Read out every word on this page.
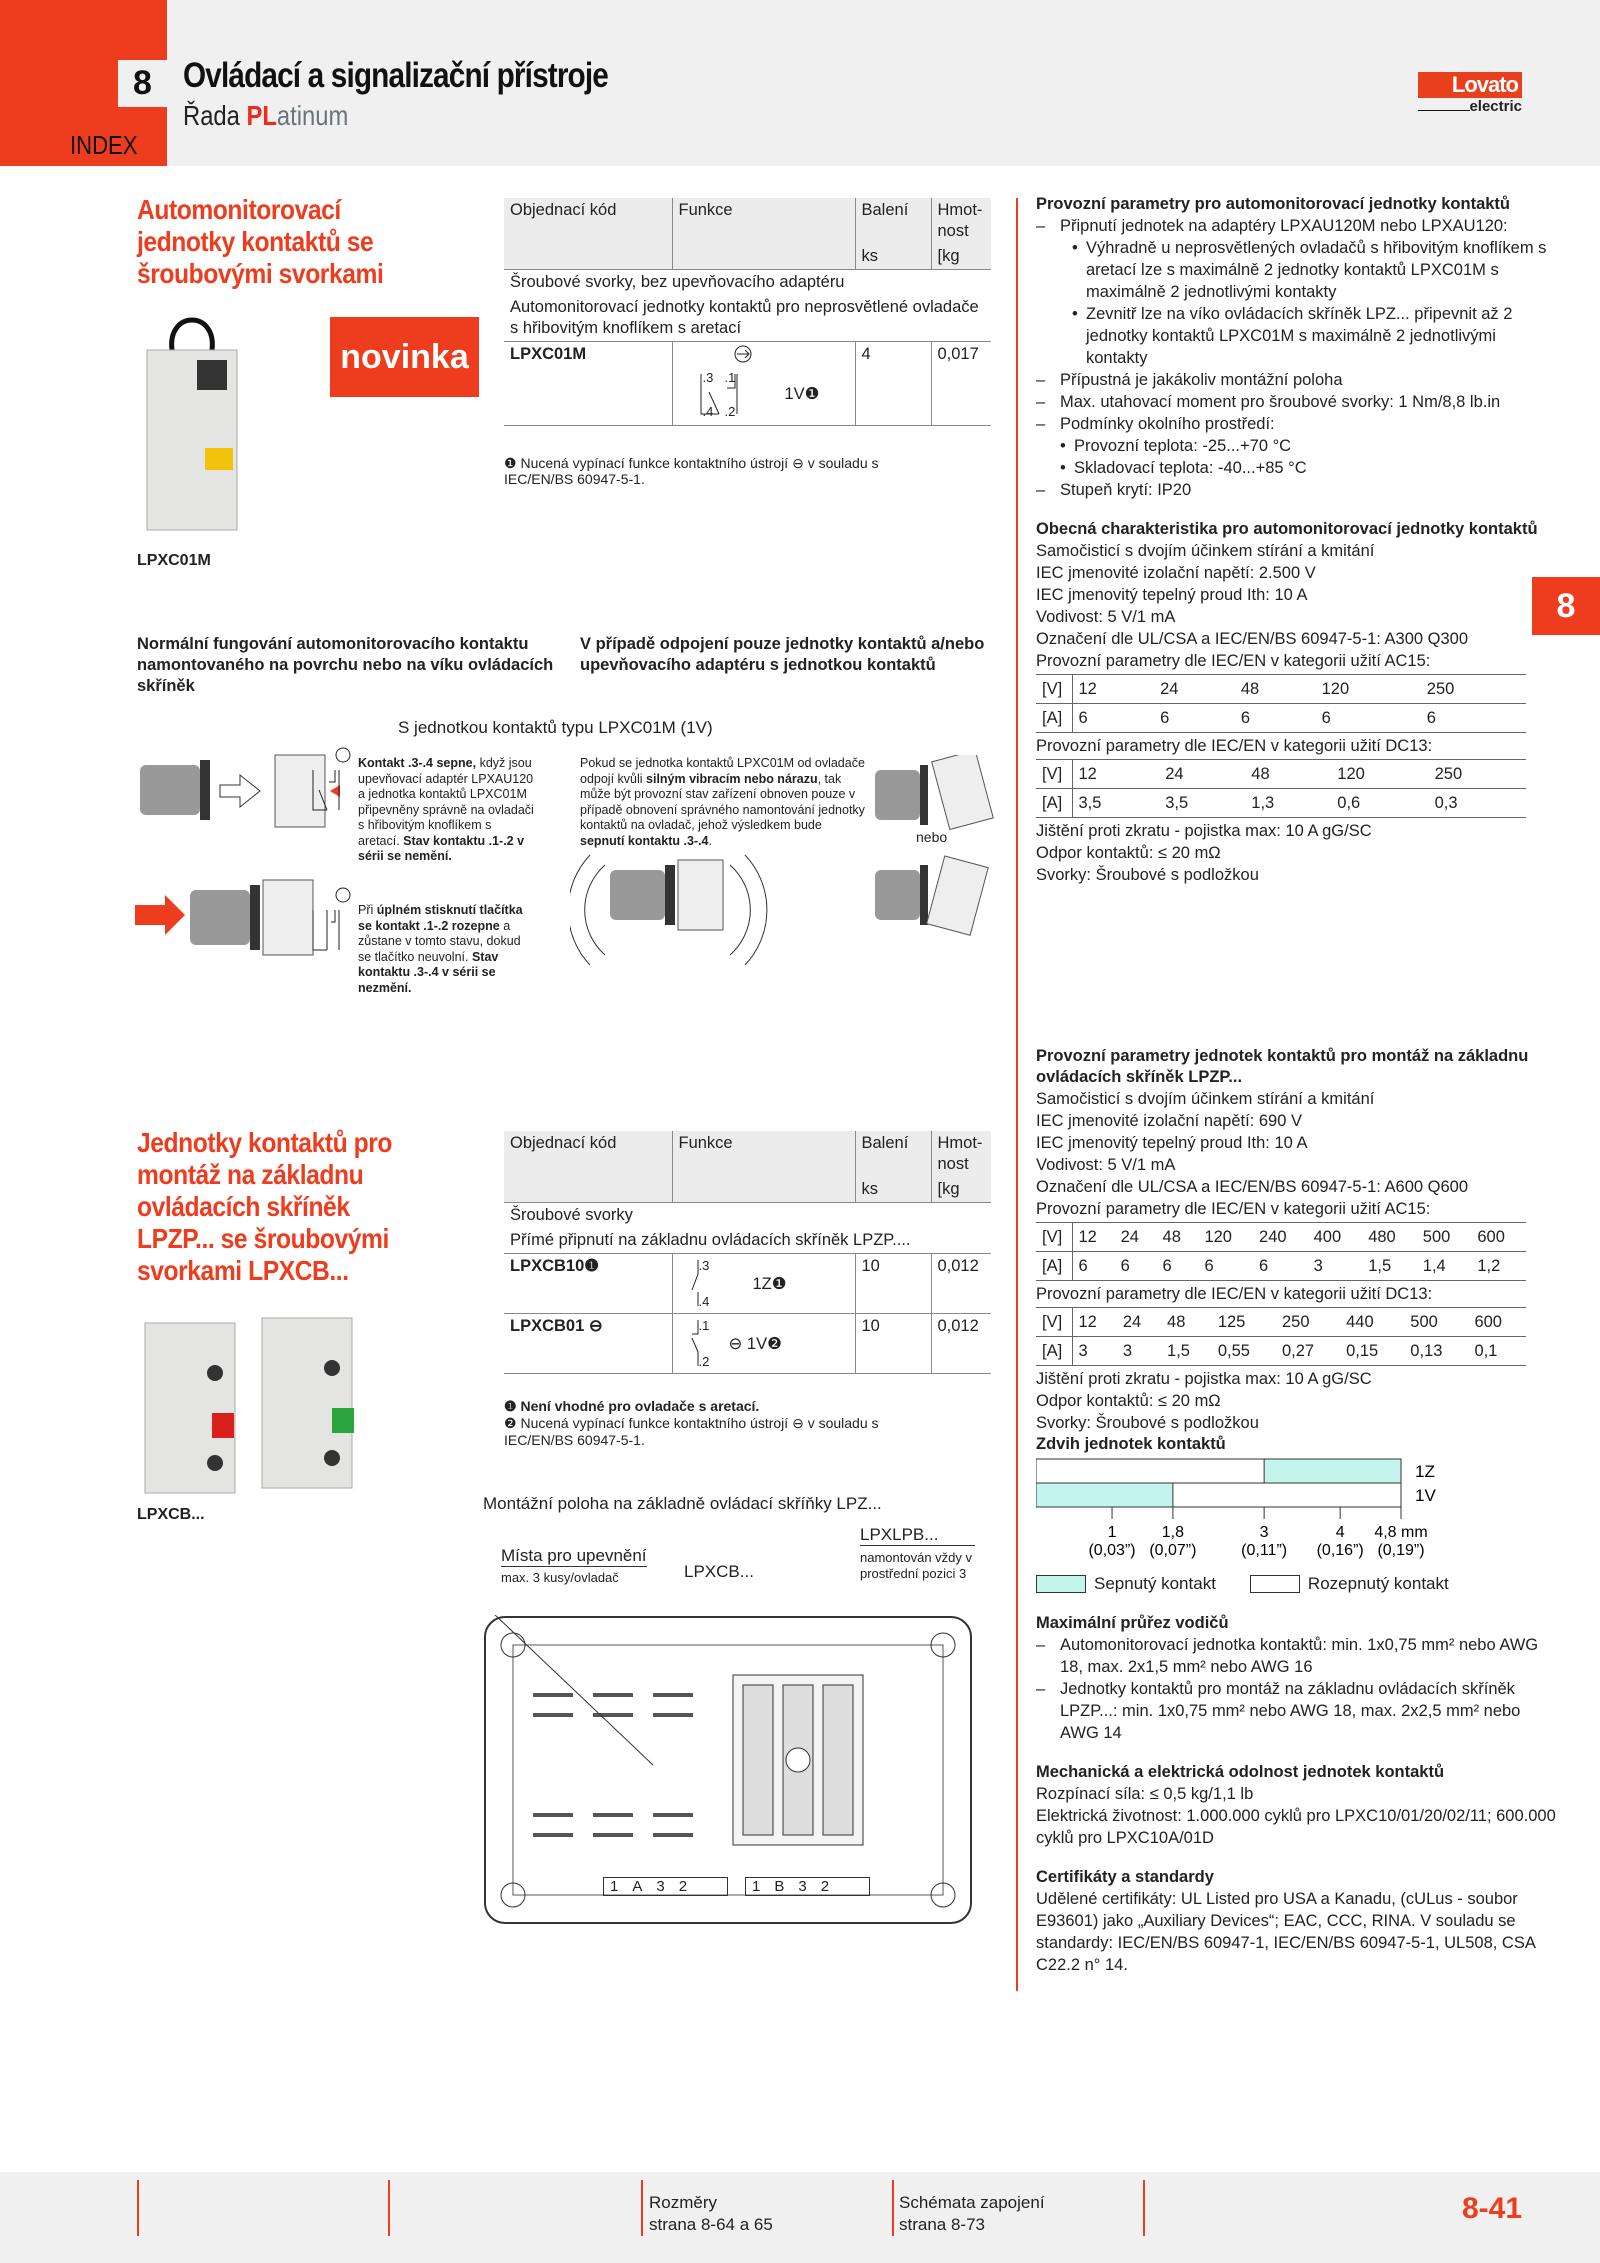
8 Ovládací a signalizační přístroje
Řada PLatinum
INDEX
Lovato
electric
8
Automonitorovací jednotky kontaktů se šroubovými svorkami
novinka
LPXC01M
Objednací kód	Funkce	Balení	Hmot-nost
		ks	[kg
Šroubové svorky, bez upevňovacího adaptéru			
Automonitorovací jednotky kontaktů pro neprosvětlené ovladače s hřibovitým knoflíkem s aretací			
LPXC01M	.3 .1
.4 .2
1V❶	4	0,017
❶ Nucená vypínací funkce kontaktního ústrojí ⊖ v souladu s IEC/EN/BS 60947-5-1.
Normální fungování automonitorovacího kontaktu namontovaného na povrchu nebo na víku ovládacích skříněk
V případě odpojení pouze jednotky kontaktů a/nebo upevňovacího adaptéru s jednotkou kontaktů
S jednotkou kontaktů typu LPXC01M (1V)
Kontakt .3-.4 sepne, když jsou upevňovací adaptér LPXAU120 a jednotka kontaktů LPXC01M připevněny správně na ovladači s hřibovitým knoflíkem s aretací. Stav kontaktu .1-.2 v sérii se nemění.
Při úplném stisknutí tlačítka se kontakt .1-.2 rozepne a zůstane v tomto stavu, dokud se tlačítko neuvolní. Stav kontaktu .3-.4 v sérii se nezmění.
Pokud se jednotka kontaktů LPXC01M od ovladače odpojí kvůli silným vibracím nebo nárazu, tak může být provozní stav zařízení obnoven pouze v případě obnovení správného namontování jednotky kontaktů na ovladač, jehož výsledkem bude sepnutí kontaktu .3-.4.	nebo
Jednotky kontaktů pro montáž na základnu ovládacích skříněk LPZP... se šroubovými svorkami LPXCB...
LPXCB...
Objednací kód	Funkce	Balení	Hmot-nost
		ks	[kg
Šroubové svorky			
Přímé připnutí na základnu ovládacích skříněk LPZP....			
LPXCB10❶	.3
.4
1Z❶	10	0,012
LPXCB01 ⊖	.1
.2
⊖ 1V❷	10	0,012
❶ Není vhodné pro ovladače s aretací.
❷ Nucená vypínací funkce kontaktního ústrojí ⊖ v souladu s IEC/EN/BS 60947-5-1.
Montážní poloha na základně ovládací skříňky LPZ...
Místa pro upevnění
max. 3 kusy/ovladač	LPXCB...
LPXLPB...
namontován vždy v prostřední pozici 3
1 A 3 2	1 B 3 2
Provozní parametry pro automonitorovací jednotky kontaktů
– Připnutí jednotek na adaptéry LPXAU120M nebo LPXAU120:
• Výhradně u neprosvětlených ovladačů s hřibovitým knoflíkem s aretací lze s maximálně 2 jednotky kontaktů LPXC01M s maximálně 2 jednotlivými kontakty
• Zevnitř lze na víko ovládacích skříněk LPZ... připevnit až 2 jednotky kontaktů LPXC01M s maximálně 2 jednotlivými kontakty
– Přípustná je jakákoliv montážní poloha
– Max. utahovací moment pro šroubové svorky: 1 Nm/8,8 lb.in
– Podmínky okolního prostředí:
• Provozní teplota: -25...+70 °C
• Skladovací teplota: -40...+85 °C
– Stupeň krytí: IP20
Obecná charakteristika pro automonitorovací jednotky kontaktů
Samočisticí s dvojím účinkem stírání a kmitání
IEC jmenovité izolační napětí: 2.500 V
IEC jmenovitý tepelný proud Ith: 10 A
Vodivost: 5 V/1 mA
Označení dle UL/CSA a IEC/EN/BS 60947-5-1: A300 Q300
Provozní parametry dle IEC/EN v kategorii užití AC15:
[V]	12	24	48	120	250
[A]	6	6	6	6	6
Provozní parametry dle IEC/EN v kategorii užití DC13:
[V]	12	24	48	120	250
[A]	3,5	3,5	1,3	0,6	0,3
Jištění proti zkratu - pojistka max: 10 A gG/SC
Odpor kontaktů: ≤ 20 mΩ
Svorky: Šroubové s podložkou
Provozní parametry jednotek kontaktů pro montáž na základnu ovládacích skříněk LPZP...
Samočisticí s dvojím účinkem stírání a kmitání
IEC jmenovité izolační napětí: 690 V
IEC jmenovitý tepelný proud Ith: 10 A
Vodivost: 5 V/1 mA
Označení dle UL/CSA a IEC/EN/BS 60947-5-1: A600 Q600
Provozní parametry dle IEC/EN v kategorii užití AC15:
[V]	12	24	48	120	240	400	480	500	600
[A]	6	6	6	6	6	3	1,5	1,4	1,2
Provozní parametry dle IEC/EN v kategorii užití DC13:
[V]	12	24	48	125	250	440	500	600
[A]	3	3	1,5	0,55	0,27	0,15	0,13	0,1
Jištění proti zkratu - pojistka max: 10 A gG/SC
Odpor kontaktů: ≤ 20 mΩ
Svorky: Šroubové s podložkou
Zdvih jednotek kontaktů
1Z
1V
1
(0,03”)
1,8
(0,07”)
3
(0,11”)
4
(0,16”)
4,8 mm
(0,19”)
Sepnutý kontakt	Rozepnutý kontakt
Maximální průřez vodičů
– Automonitorovací jednotka kontaktů: min. 1x0,75 mm² nebo AWG 18, max. 2x1,5 mm² nebo AWG 16
– Jednotky kontaktů pro montáž na základnu ovládacích skříněk LPZP...: min. 1x0,75 mm² nebo AWG 18, max. 2x2,5 mm² nebo AWG 14
Mechanická a elektrická odolnost jednotek kontaktů
Rozpínací síla: ≤ 0,5 kg/1,1 lb
Elektrická životnost: 1.000.000 cyklů pro LPXC10/01/20/02/11; 600.000 cyklů pro LPXC10A/01D
Certifikáty a standardy
Udělené certifikáty: UL Listed pro USA a Kanadu, (cULus - soubor E93601) jako „Auxiliary Devices“; EAC, CCC, RINA. V souladu se standardy: IEC/EN/BS 60947-1, IEC/EN/BS 60947-5-1, UL508, CSA C22.2 n° 14.
Rozměry
strana 8-64 a 65
Schémata zapojení
strana 8-73	8-41
